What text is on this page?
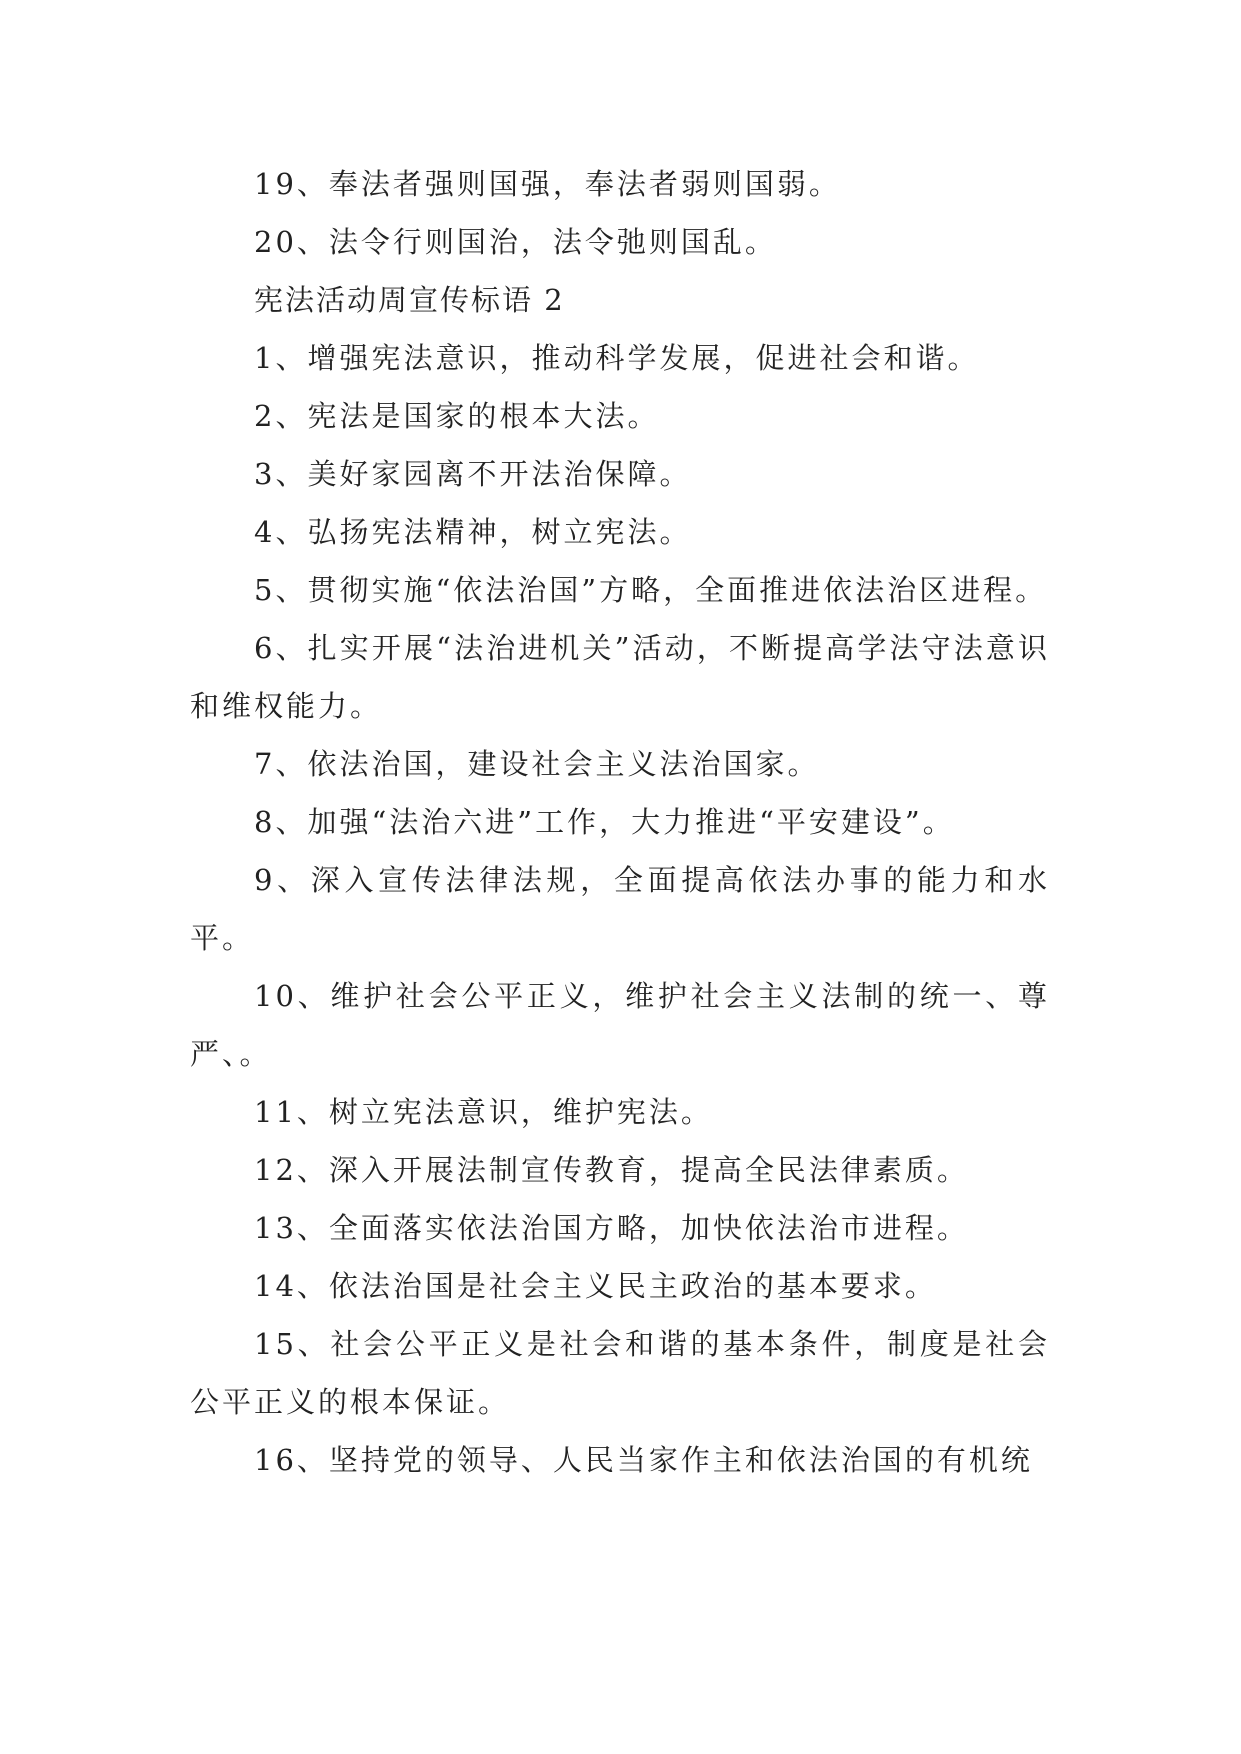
19、奉法者强则国强，奉法者弱则国弱。

20、法令行则国治，法令弛则国乱。

宪法活动周宣传标语 2

1、增强宪法意识，推动科学发展，促进社会和谐。

2、宪法是国家的根本大法。

3、美好家园离不开法治保障。

4、弘扬宪法精神，树立宪法。

5、贯彻实施“依法治国”方略，全面推进依法治区进程。

6、扎实开展“法治进机关”活动，不断提高学法守法意识和维权能力。

7、依法治国，建设社会主义法治国家。

8、加强“法治六进”工作，大力推进“平安建设”。

9、深入宣传法律法规，全面提高依法办事的能力和水平。

10、维护社会公平正义，维护社会主义法制的统一、尊严、。

11、树立宪法意识，维护宪法。

12、深入开展法制宣传教育，提高全民法律素质。

13、全面落实依法治国方略，加快依法治市进程。

14、依法治国是社会主义民主政治的基本要求。

15、社会公平正义是社会和谐的基本条件，制度是社会公平正义的根本保证。

16、坚持党的领导、人民当家作主和依法治国的有机统
